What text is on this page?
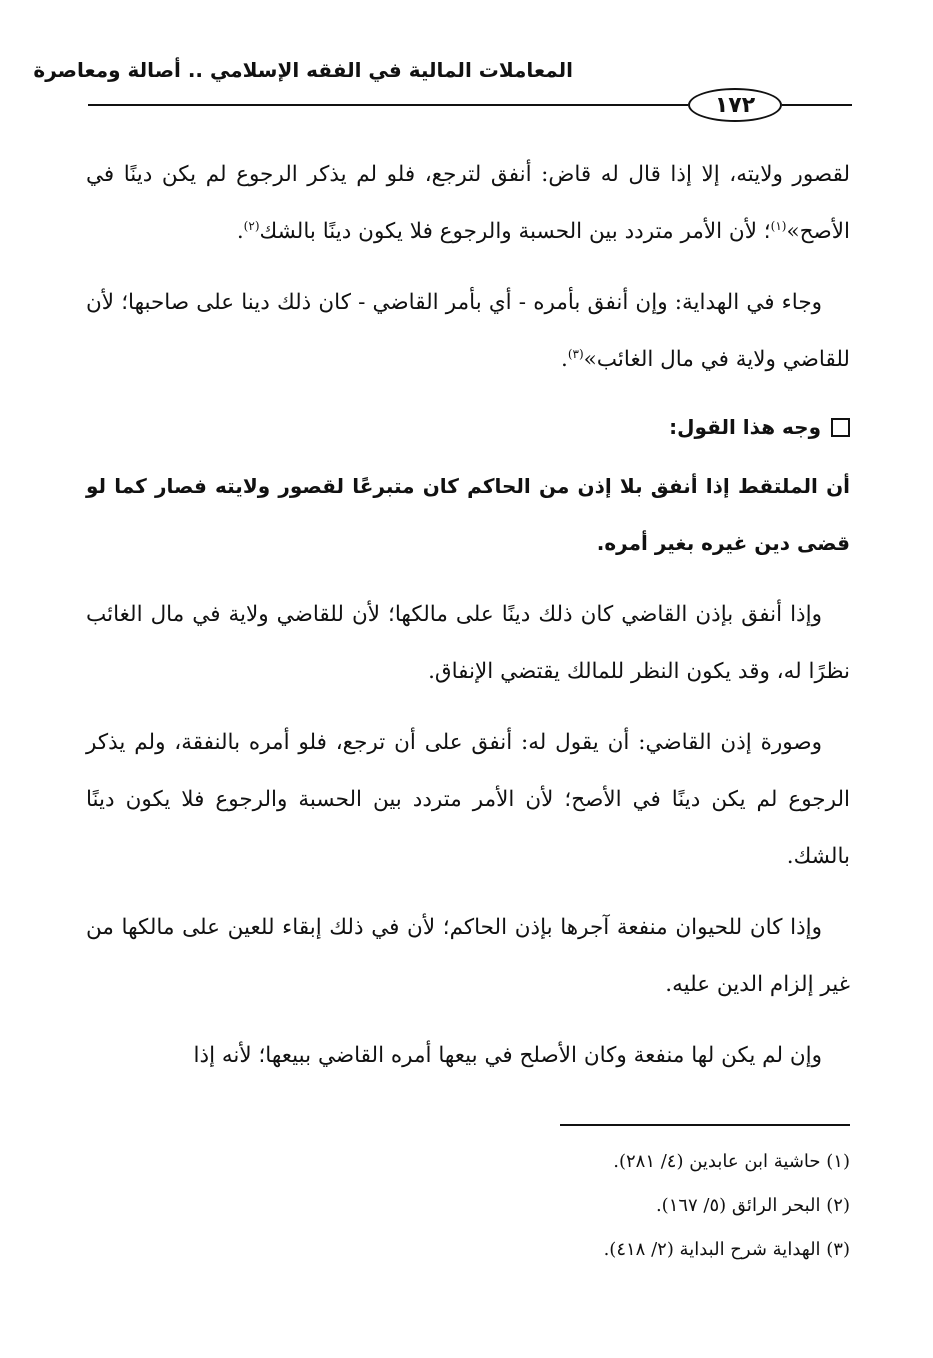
المعاملات المالية في الفقه الإسلامي .. أصالة ومعاصرة
١٧٢

لقصور ولايته، إلا إذا قال له قاض: أنفق لترجع، فلو لم يذكر الرجوع لم يكن دينًا في الأصح»$^{(١)}$؛ لأن الأمر متردد بين الحسبة والرجوع فلا يكون دينًا بالشك$^{(٢)}$.

وجاء في الهداية: وإن أنفق بأمره - أي بأمر القاضي - كان ذلك دينا على صاحبها؛ لأن للقاضي ولاية في مال الغائب»$^{(٣)}$.

وجه هذا القول:

أن الملتقط إذا أنفق بلا إذن من الحاكم كان متبرعًا لقصور ولايته فصار كما لو قضى دين غيره بغير أمره.

وإذا أنفق بإذن القاضي كان ذلك دينًا على مالكها؛ لأن للقاضي ولاية في مال الغائب نظرًا له، وقد يكون النظر للمالك يقتضي الإنفاق.

وصورة إذن القاضي: أن يقول له: أنفق على أن ترجع، فلو أمره بالنفقة، ولم يذكر الرجوع لم يكن دينًا في الأصح؛ لأن الأمر متردد بين الحسبة والرجوع فلا يكون دينًا بالشك.

وإذا كان للحيوان منفعة آجرها بإذن الحاكم؛ لأن في ذلك إبقاء للعين على مالكها من غير إلزام الدين عليه.

وإن لم يكن لها منفعة وكان الأصلح في بيعها أمره القاضي ببيعها؛ لأنه إذا

(١) حاشية ابن عابدين (٤/ ٢٨١).

(٢) البحر الرائق (٥/ ١٦٧).

(٣) الهداية شرح البداية (٢/ ٤١٨).
